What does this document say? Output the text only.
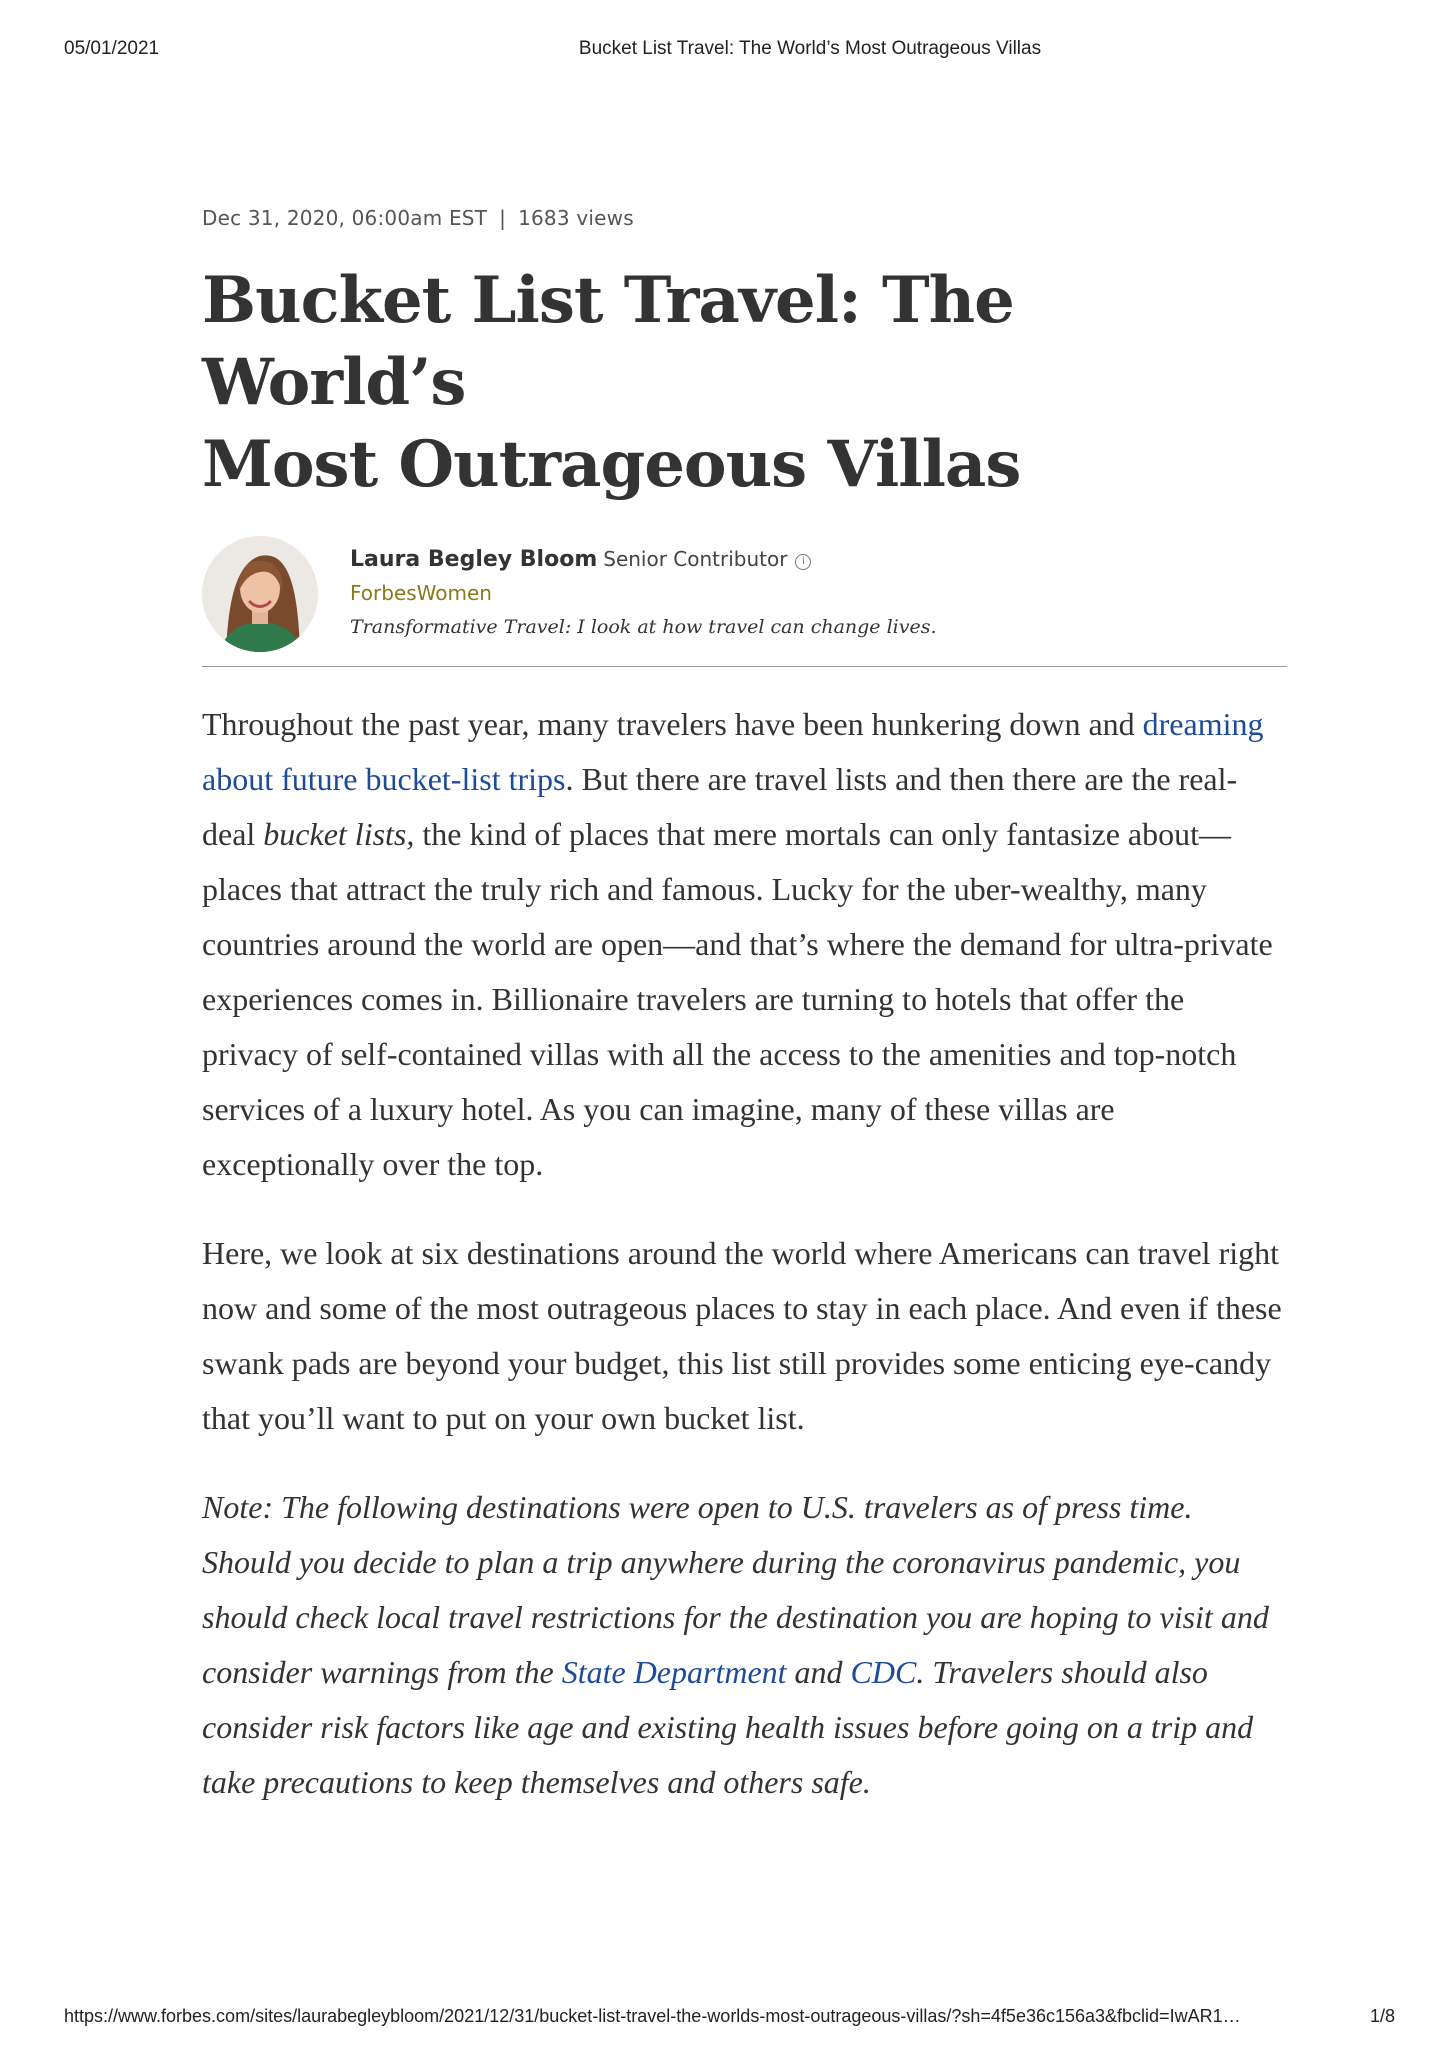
05/01/2021	Bucket List Travel: The World’s Most Outrageous Villas
Dec 31, 2020, 06:00am EST | 1683 views
Bucket List Travel: The World’s
Most Outrageous Villas
Laura Begley Bloom Senior Contributor i
ForbesWomen
Transformative Travel: I look at how travel can change lives.

Throughout the past year, many travelers have been hunkering down and dreaming about future bucket-list trips. But there are travel lists and then there are the real-deal bucket lists, the kind of places that mere mortals can only fantasize about—places that attract the truly rich and famous. Lucky for the uber-wealthy, many countries around the world are open—and that’s where the demand for ultra-private experiences comes in. Billionaire travelers are turning to hotels that offer the privacy of self-contained villas with all the access to the amenities and top-notch services of a luxury hotel. As you can imagine, many of these villas are exceptionally over the top.

Here, we look at six destinations around the world where Americans can travel right now and some of the most outrageous places to stay in each place. And even if these swank pads are beyond your budget, this list still provides some enticing eye-candy that you’ll want to put on your own bucket list.

Note: The following destinations were open to U.S. travelers as of press time. Should you decide to plan a trip anywhere during the coronavirus pandemic, you should check local travel restrictions for the destination you are hoping to visit and consider warnings from the State Department and CDC. Travelers should also consider risk factors like age and existing health issues before going on a trip and take precautions to keep themselves and others safe.

https://www.forbes.com/sites/laurabegleybloom/2021/12/31/bucket-list-travel-the-worlds-most-outrageous-villas/?sh=4f5e36c156a3&fbclid=IwAR1…	1/8
